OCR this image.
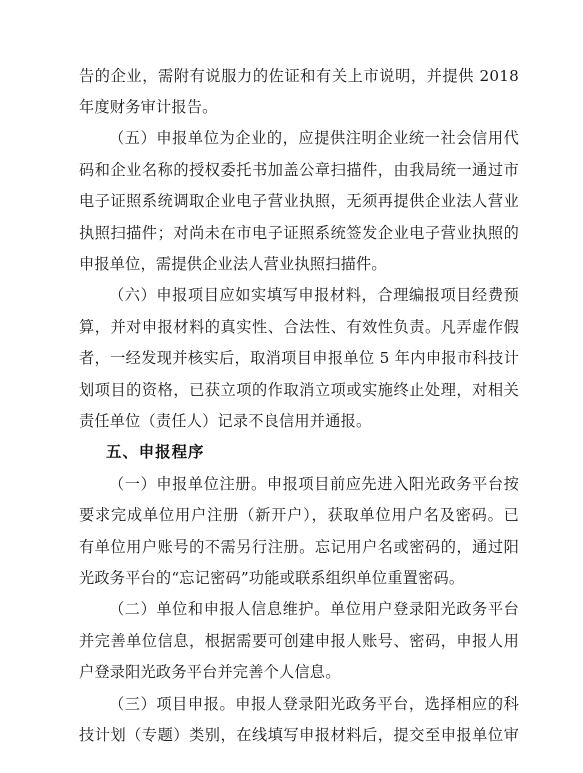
告的企业，需附有说服力的佐证和有关上市说明，并提供 2018
年度财务审计报告。
（五）申报单位为企业的，应提供注明企业统一社会信用代
码和企业名称的授权委托书加盖公章扫描件，由我局统一通过市
电子证照系统调取企业电子营业执照，无须再提供企业法人营业
执照扫描件；对尚未在市电子证照系统签发企业电子营业执照的
申报单位，需提供企业法人营业执照扫描件。
（六）申报项目应如实填写申报材料，合理编报项目经费预
算，并对申报材料的真实性、合法性、有效性负责。凡弄虚作假
者，一经发现并核实后，取消项目申报单位 5 年内申报市科技计
划项目的资格，已获立项的作取消立项或实施终止处理，对相关
责任单位（责任人）记录不良信用并通报。
五、申报程序
（一）申报单位注册。申报项目前应先进入阳光政务平台按
要求完成单位用户注册（新开户），获取单位用户名及密码。已
有单位用户账号的不需另行注册。忘记用户名或密码的，通过阳
光政务平台的“忘记密码”功能或联系组织单位重置密码。
（二）单位和申报人信息维护。单位用户登录阳光政务平台
并完善单位信息，根据需要可创建申报人账号、密码，申报人用
户登录阳光政务平台并完善个人信息。
（三）项目申报。申报人登录阳光政务平台，选择相应的科
技计划（专题）类别，在线填写申报材料后，提交至申报单位审
